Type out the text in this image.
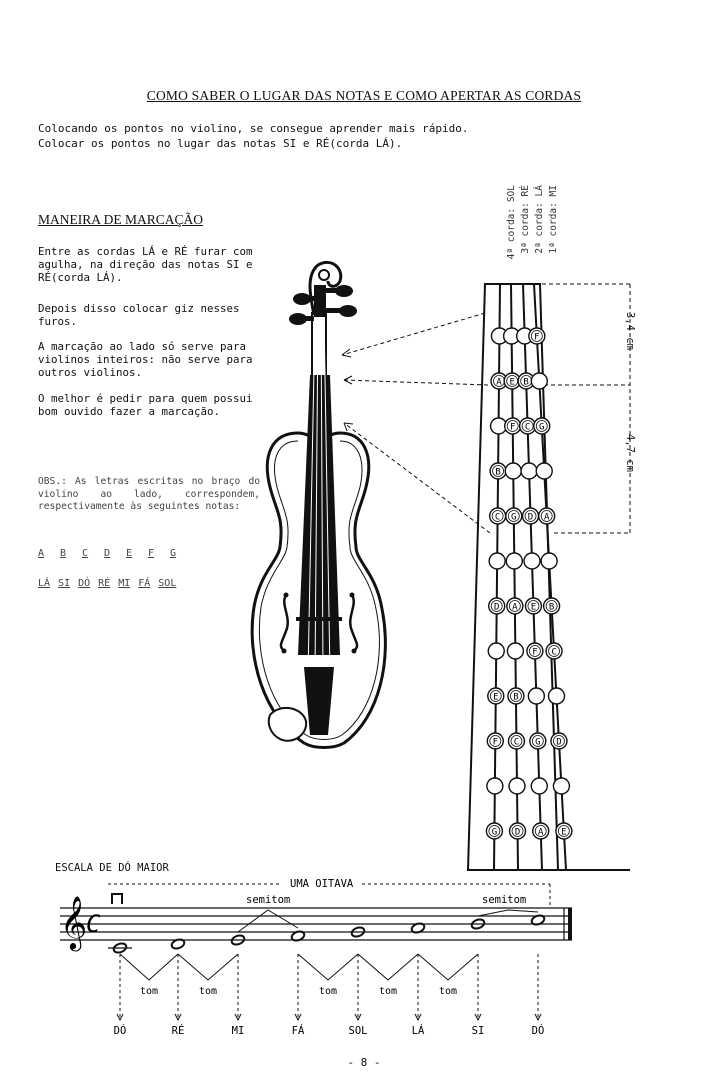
COMO SABER O LUGAR DAS NOTAS E COMO APERTAR AS CORDAS
Colocando os pontos no violino, se consegue aprender mais rápido.
Colocar os pontos no lugar das notas SI e RÉ(corda LÁ).
MANEIRA DE MARCAÇÃO
Entre as cordas LÁ e RÉ furar com agulha, na direção das notas SI e RÉ(corda LÁ).
Depois disso colocar giz nesses furos.
A marcação ao lado só serve para violinos inteiros: não serve para outros violinos.
O melhor é pedir para quem possui bom ouvido fazer a marcação.
OBS.: As letras escritas no braço do violino ao lado, correspondem, respectivamente às seguintes notas:
A	B	C	D	E	F	G
LÁ SI DÓ RÉ MI FÁ SOL
1ª corda: MI
2ª corda: LÁ
3ª corda: RÉ
4ª corda: SOL
3,4 cm
4,7 cm
F
A E B
F C G
B
C G D A
D A E B
F C
E B
F C G D
G D A E
ESCALA DE DÓ MAIOR
𝄞
C
UMA OITAVA
semitom	semitom
DÓ	RÉ	MI	FÁ	SOL	LÁ	SI	DÓ
tom	tom	tom	tom	tom
- 8 -
